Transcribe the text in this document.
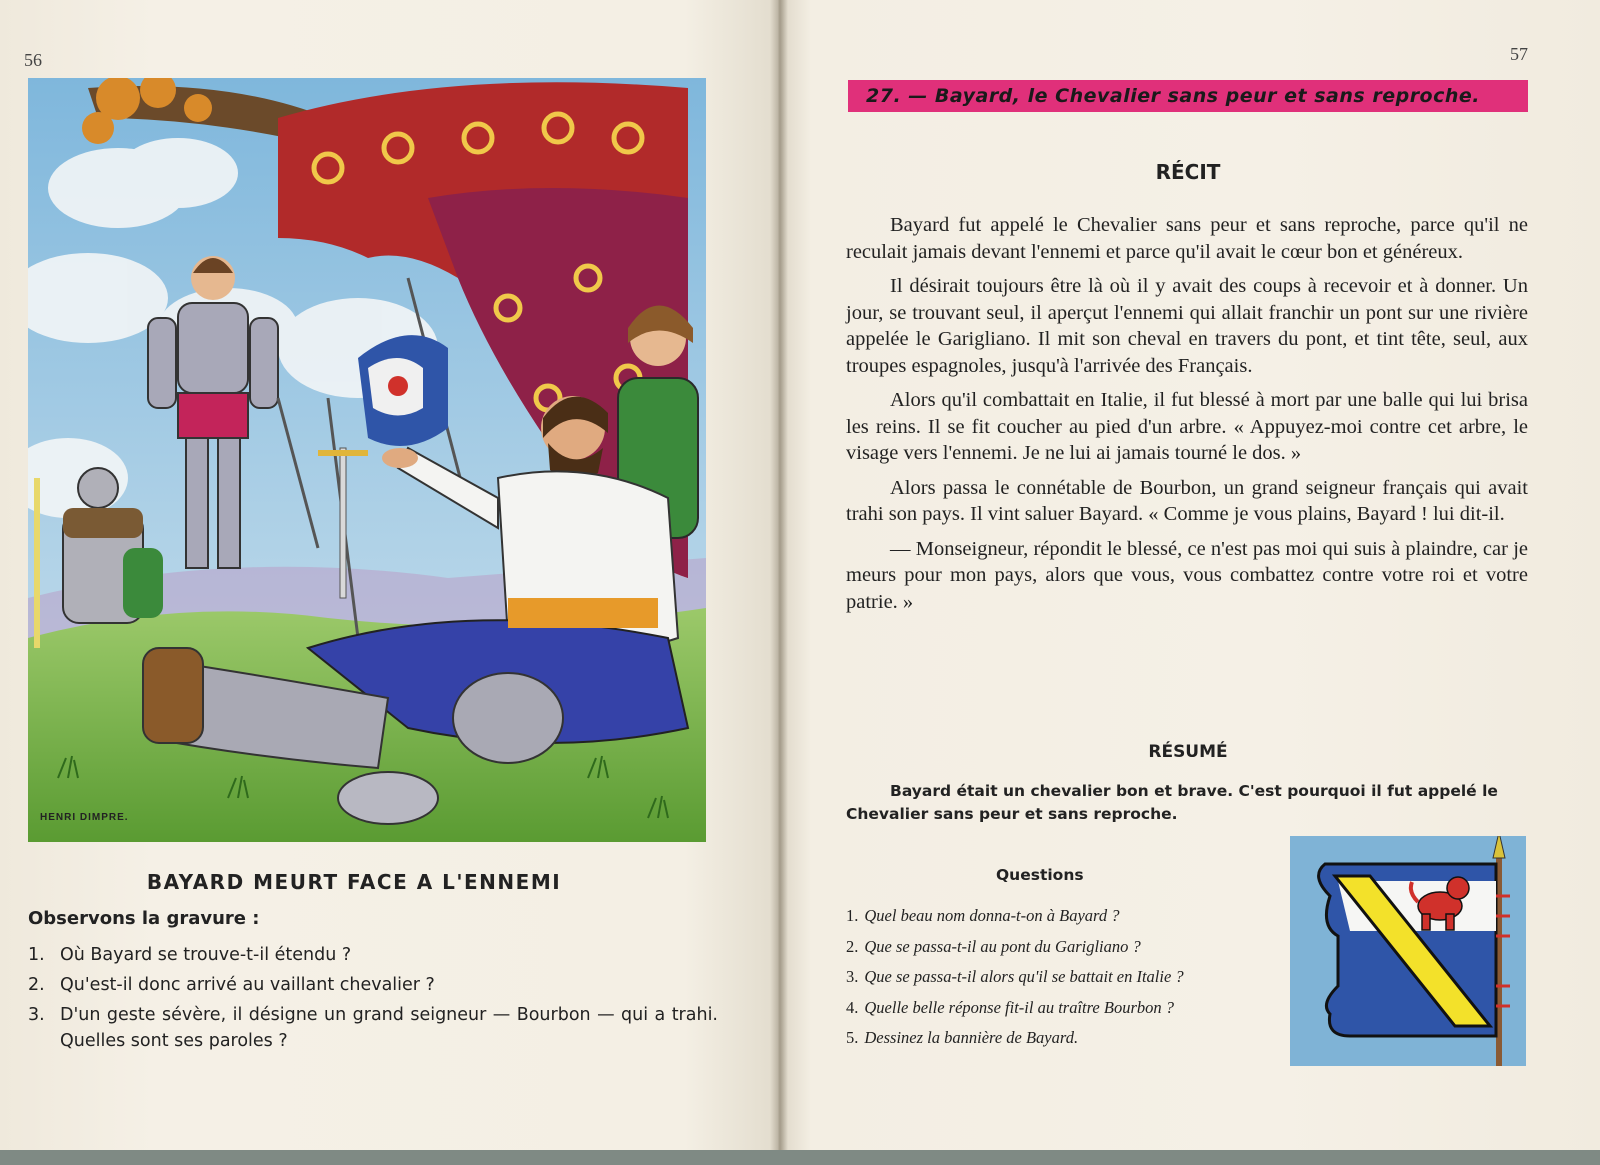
56
HENRI DIMPRE.
BAYARD MEURT FACE A L'ENNEMI
Observons la gravure :
1. Où Bayard se trouve-t-il étendu ?
2. Qu'est-il donc arrivé au vaillant chevalier ?
3. D'un geste sévère, il désigne un grand seigneur — Bourbon — qui a trahi. Quelles sont ses paroles ?
57
27. — Bayard, le Chevalier sans peur et sans reproche.
RÉCIT

Bayard fut appelé le Chevalier sans peur et sans reproche, parce qu'il ne reculait jamais devant l'ennemi et parce qu'il avait le cœur bon et généreux.

Il désirait toujours être là où il y avait des coups à recevoir et à donner. Un jour, se trouvant seul, il aperçut l'ennemi qui allait franchir un pont sur une rivière appelée le Garigliano. Il mit son cheval en travers du pont, et tint tête, seul, aux troupes espagnoles, jusqu'à l'arrivée des Français.

Alors qu'il combattait en Italie, il fut blessé à mort par une balle qui lui brisa les reins. Il se fit coucher au pied d'un arbre. « Appuyez-moi contre cet arbre, le visage vers l'ennemi. Je ne lui ai jamais tourné le dos. »

Alors passa le connétable de Bourbon, un grand seigneur français qui avait trahi son pays. Il vint saluer Bayard. « Comme je vous plains, Bayard ! lui dit-il.

— Monseigneur, répondit le blessé, ce n'est pas moi qui suis à plaindre, car je meurs pour mon pays, alors que vous, vous combattez contre votre roi et votre patrie. »

RÉSUMÉ
Bayard était un chevalier bon et brave. C'est pourquoi il fut appelé le Chevalier sans peur et sans reproche.
Questions
1. Quel beau nom donna-t-on à Bayard ?
2. Que se passa-t-il au pont du Garigliano ?
3. Que se passa-t-il alors qu'il se battait en Italie ?
4. Quelle belle réponse fit-il au traître Bourbon ?
5. Dessinez la bannière de Bayard.
